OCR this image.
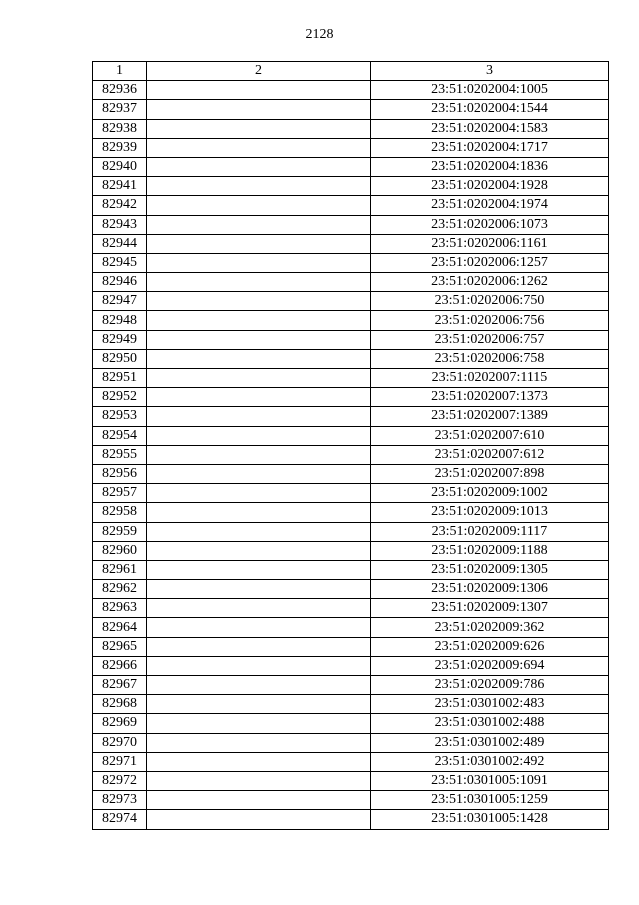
2128
1	2	3
82936		23:51:0202004:1005
82937		23:51:0202004:1544
82938		23:51:0202004:1583
82939		23:51:0202004:1717
82940		23:51:0202004:1836
82941		23:51:0202004:1928
82942		23:51:0202004:1974
82943		23:51:0202006:1073
82944		23:51:0202006:1161
82945		23:51:0202006:1257
82946		23:51:0202006:1262
82947		23:51:0202006:750
82948		23:51:0202006:756
82949		23:51:0202006:757
82950		23:51:0202006:758
82951		23:51:0202007:1115
82952		23:51:0202007:1373
82953		23:51:0202007:1389
82954		23:51:0202007:610
82955		23:51:0202007:612
82956		23:51:0202007:898
82957		23:51:0202009:1002
82958		23:51:0202009:1013
82959		23:51:0202009:1117
82960		23:51:0202009:1188
82961		23:51:0202009:1305
82962		23:51:0202009:1306
82963		23:51:0202009:1307
82964		23:51:0202009:362
82965		23:51:0202009:626
82966		23:51:0202009:694
82967		23:51:0202009:786
82968		23:51:0301002:483
82969		23:51:0301002:488
82970		23:51:0301002:489
82971		23:51:0301002:492
82972		23:51:0301005:1091
82973		23:51:0301005:1259
82974		23:51:0301005:1428
